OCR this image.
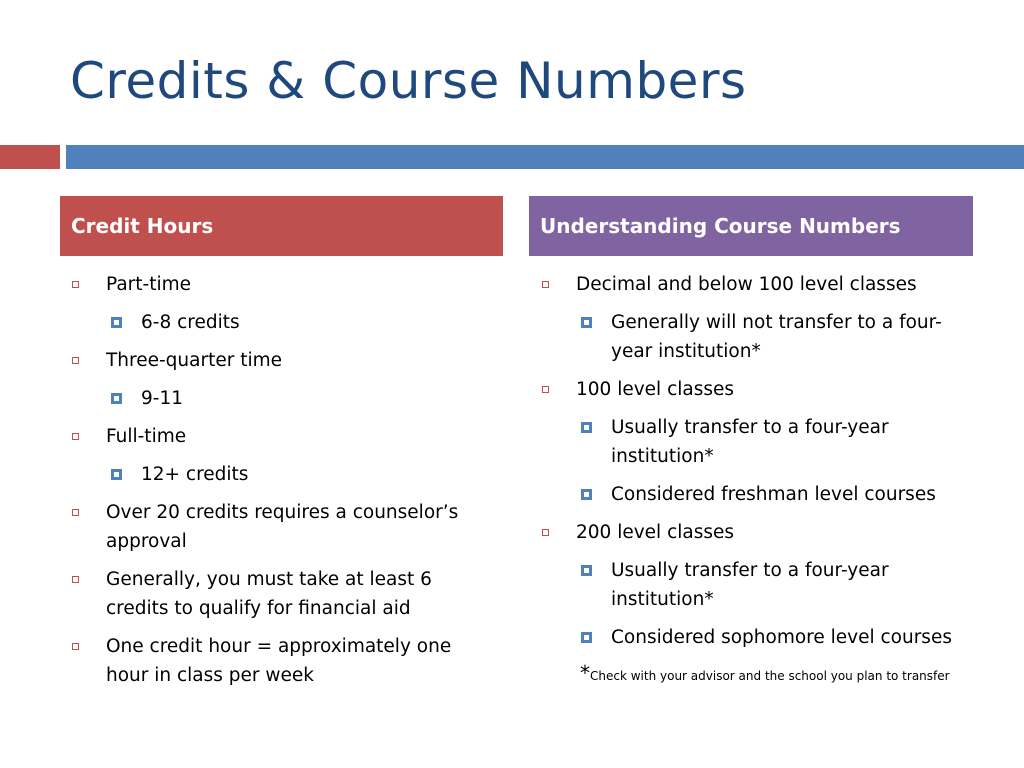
Credits & Course Numbers
Credit Hours	Understanding Course Numbers
Part-time
6-8 credits
Three-quarter time
9-11
Full-time
12+ credits
Over 20 credits requires a counselor’s approval
Generally, you must take at least 6 credits to qualify for financial aid
One credit hour = approximately one hour in class per week
Decimal and below 100 level classes
Generally will not transfer to a four-year institution*
100 level classes
Usually transfer to a four-year institution*
Considered freshman level courses
200 level classes
Usually transfer to a four-year institution*
Considered sophomore level courses
*Check with your advisor and the school you plan to transfer
